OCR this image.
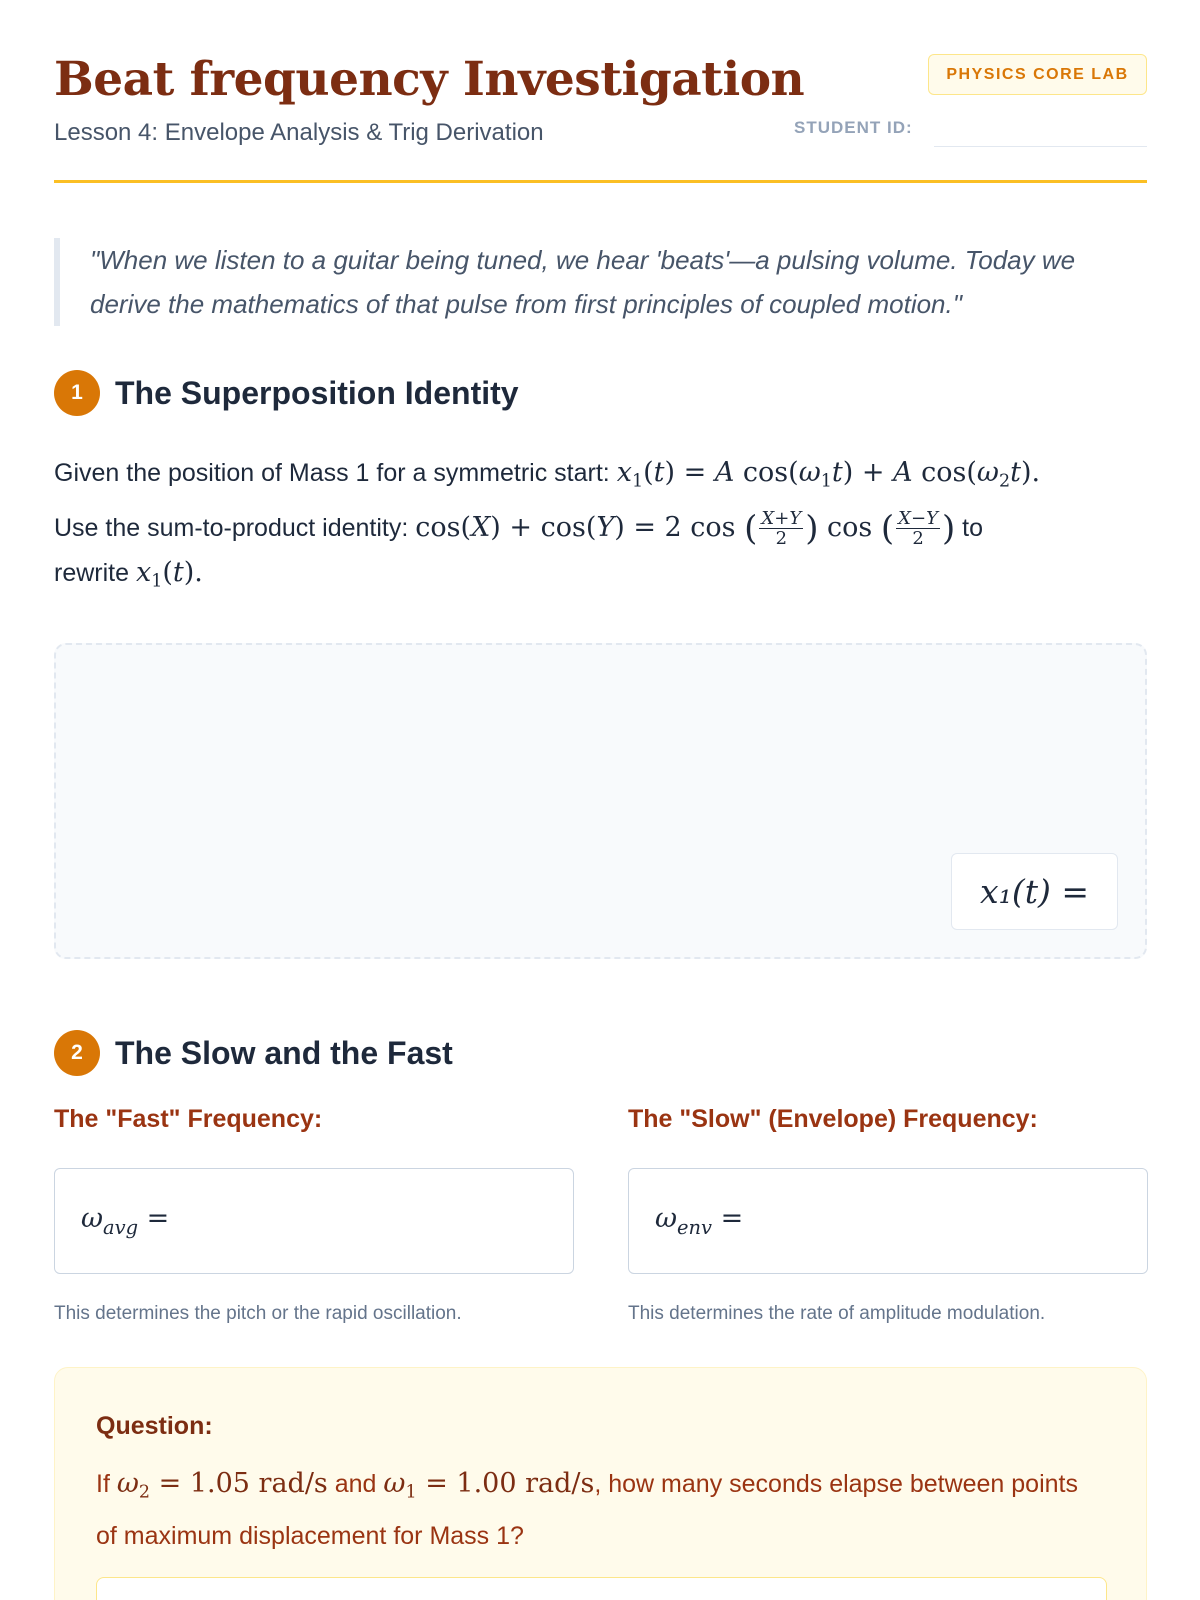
Beat frequency Investigation
Lesson 4: Envelope Analysis & Trig Derivation
PHYSICS CORE LAB
STUDENT ID:
"When we listen to a guitar being tuned, we hear 'beats'—a pulsing volume. Today we derive the mathematics of that pulse from first principles of coupled motion."
1	The Superposition Identity

Given the position of Mass 1 for a symmetric start: $x_1(t) = A$ $\cos(\omega_1t) + A$ $\cos(\omega_2t)$.

Use the sum-to-product identity: cos(X) + cos(Y) = 2 cos ( $\frac{X+Y}{2}$ ) cos ( $\frac{X-Y}{2}$ ) to
rewrite $x_1(t)$.

x₁(t) =
2	The Slow and the Fast
The "Fast" Frequency:	The "Slow" (Envelope) Frequency:
$\omega_{avg}$ =	$\omega_{env}$ =
This determines the pitch or the rapid oscillation.	This determines the rate of amplitude modulation.
Question:

If $\omega_2 = 1.05$ rad/s and $\omega_1 = 1.00$ rad/s, how many seconds elapse between points of maximum displacement for Mass 1?
